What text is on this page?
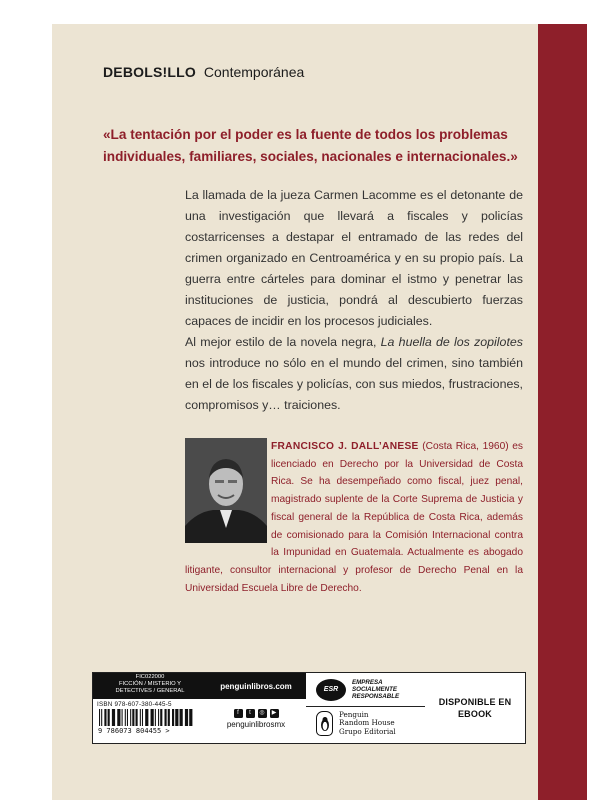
DEBOLS!LLO Contemporánea
«La tentación por el poder es la fuente de todos los problemas
individuales, familiares, sociales, nacionales e internacionales.»

La llamada de la jueza Carmen Lacomme es el detonante de una investigación que llevará a fiscales y policías costarricenses a destapar el entramado de las redes del crimen organizado en Centroamérica y en su propio país. La guerra entre cárteles para dominar el istmo y penetrar las instituciones de justicia, pondrá al descubierto fuerzas capaces de incidir en los procesos judiciales.

Al mejor estilo de la novela negra, La huella de los zopilotes nos introduce no sólo en el mundo del crimen, sino también en el de los fiscales y policías, con sus miedos, frustraciones, compromisos y… traiciones.

FRANCISCO J. DALL’ANESE (Costa Rica, 1960) es licenciado en Derecho por la Universidad de Costa Rica. Se ha desempeñado como fiscal, juez penal, magistrado suplente de la Corte Suprema de Justicia y fiscal general de la República de Costa Rica, además de comisionado para la Comisión Internacional contra la Impunidad en Guatemala. Actualmente es abogado litigante, consultor internacional y profesor de Derecho Penal en la Universidad Escuela Libre de Derecho.

FIC022000
FICCIÓN / MISTERIO Y
DETECTIVES / GENERAL
ISBN 978-607-380-445-5
9 786073 804455 >
penguinlibros.com
f	t	◎	▶
penguinlibrosmx
ESR
EMPRESA
SOCIALMENTE
RESPONSABLE
Penguin
Random House
Grupo Editorial
DISPONIBLE EN
EBOOK
